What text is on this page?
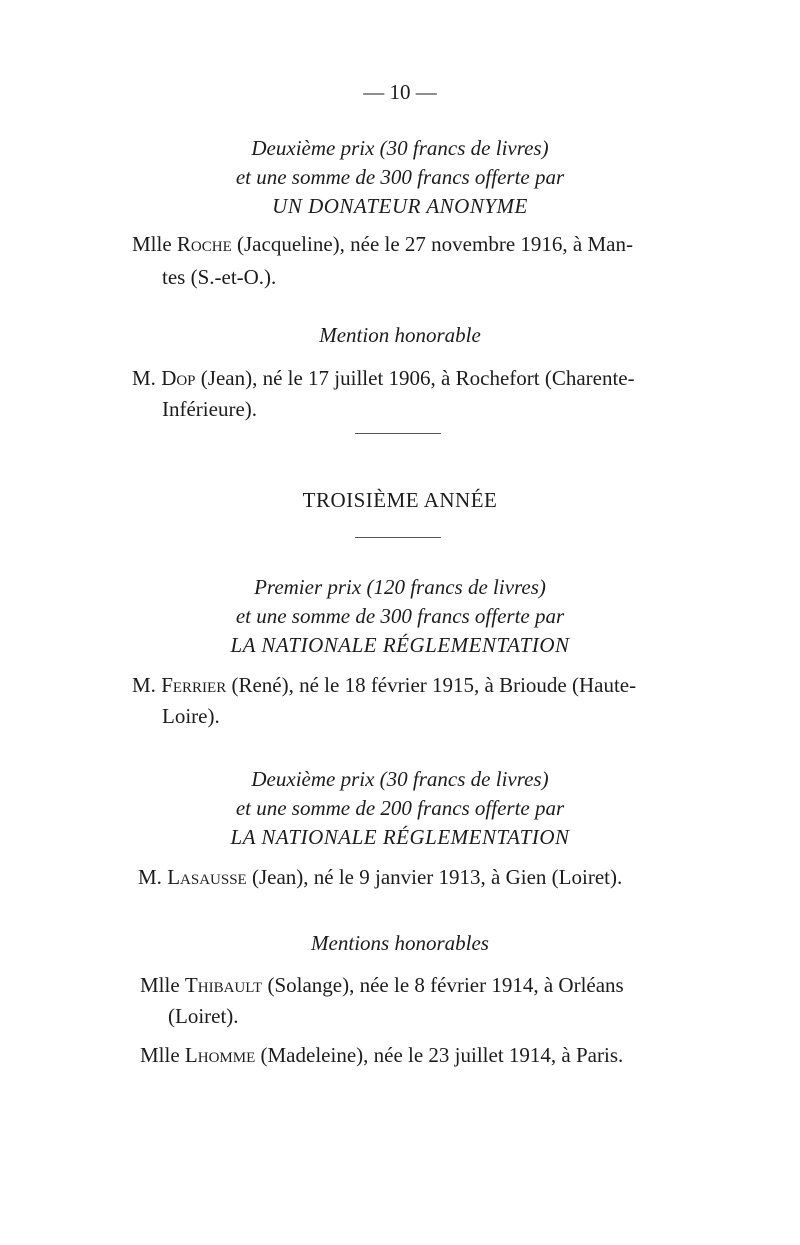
— 10 —
Deuxième prix (30 francs de livres)
et une somme de 300 francs offerte par
UN DONATEUR ANONYME
Mlle Roche (Jacqueline), née le 27 novembre 1916, à Man-
tes (S.-et-O.).
Mention honorable
M. Dop (Jean), né le 17 juillet 1906, à Rochefort (Charente-
Inférieure).
TROISIÈME ANNÉE
Premier prix (120 francs de livres)
et une somme de 300 francs offerte par
LA NATIONALE RÉGLEMENTATION
M. Ferrier (René), né le 18 février 1915, à Brioude (Haute-
Loire).
Deuxième prix (30 francs de livres)
et une somme de 200 francs offerte par
LA NATIONALE RÉGLEMENTATION
M. Lasausse (Jean), né le 9 janvier 1913, à Gien (Loiret).
Mentions honorables
Mlle Thibault (Solange), née le 8 février 1914, à Orléans
(Loiret).
Mlle Lhomme (Madeleine), née le 23 juillet 1914, à Paris.
